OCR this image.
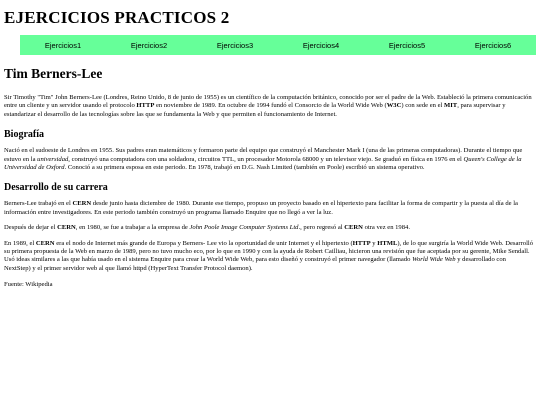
EJERCICIOS PRACTICOS 2
Ejercicios1	Ejercicios2	Ejercicios3	Ejercicios4	Ejercicios5	Ejercicios6
Tim Berners-Lee

Sir Timothy "Tim" John Berners-Lee (Londres, Reino Unido, 8 de junio de 1955) es un científico de la computación británico, conocido por ser el padre de la Web. Estableció la primera comunicación entre un cliente y un servidor usando el protocolo HTTP en noviembre de 1989. En octubre de 1994 fundó el Consorcio de la World Wide Web (W3C) con sede en el MIT, para supervisar y estandarizar el desarrollo de las tecnologías sobre las que se fundamenta la Web y que permiten el funcionamiento de Internet.

Biografía

Nació en el sudoeste de Londres en 1955. Sus padres eran matemáticos y formaron parte del equipo que construyó el Manchester Mark I (una de las primeras computadoras). Durante el tiempo que estuvo en la universidad, construyó una computadora con una soldadora, circuitos TTL, un procesador Motorola 68000 y un televisor viejo. Se graduó en física en 1976 en el Queen's College de la Universidad de Oxford. Conoció a su primera esposa en este periodo. En 1978, trabajó en D.G. Nash Limited (también en Poole) escribió un sistema operativo.

Desarrollo de su carrera

Berners-Lee trabajó en el CERN desde junio hasta diciembre de 1980. Durante ese tiempo, propuso un proyecto basado en el hipertexto para facilitar la forma de compartir y la puesta al día de la información entre investigadores. En este periodo también construyó un programa llamado Enquire que no llegó a ver la luz.

Después de dejar el CERN, en 1980, se fue a trabajar a la empresa de John Poole Image Computer Systems Ltd., pero regresó al CERN otra vez en 1984.

En 1989, el CERN era el nodo de Internet más grande de Europa y Berners- Lee vio la oportunidad de unir Internet y el hipertexto (HTTP y HTML), de lo que surgiría la World Wide Web. Desarrolló su primera propuesta de la Web en marzo de 1989, pero no tuvo mucho eco, por lo que en 1990 y con la ayuda de Robert Cailliau, hicieron una revisión que fue aceptada por su gerente, Mike Sendall. Usó ideas similares a las que había usado en el sistema Enquire para crear la World Wide Web, para esto diseñó y construyó el primer navegador (llamado World Wide Web y desarrollado con NextStep) y el primer servidor web al que llamó httpd (HyperText Transfer Protocol daemon).

Fuente: Wikipedia
